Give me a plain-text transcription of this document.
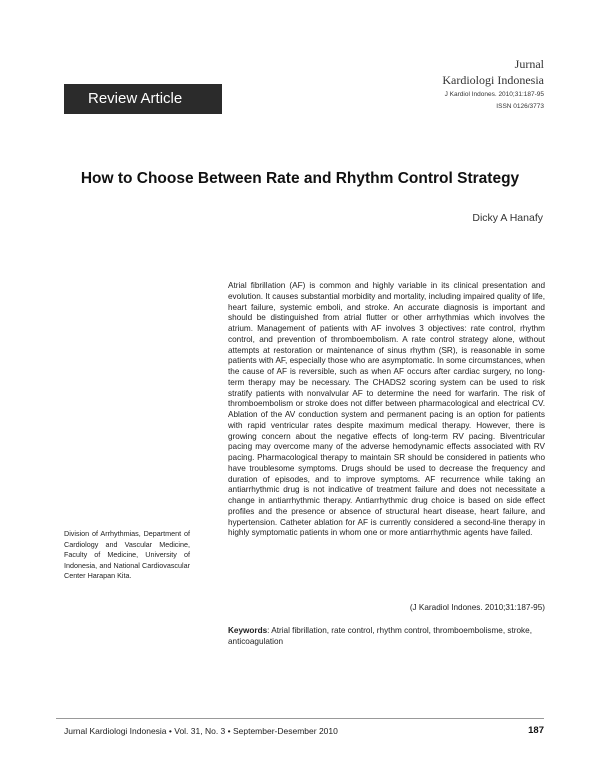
Review Article
Jurnal
Kardiologi Indonesia
J Kardiol Indones. 2010;31:187-95
ISSN 0126/3773
How to Choose Between Rate and Rhythm Control Strategy
Dicky A Hanafy

Atrial fibrillation (AF) is common and highly variable in its clinical presentation and evolution. It causes substantial morbidity and mortality, including impaired quality of life, heart failure, systemic emboli, and stroke. An accurate diagnosis is important and should be distinguished from atrial flutter or other arrhythmias which involves the atrium. Management of patients with AF involves 3 objectives: rate control, rhythm control, and prevention of thromboembolism. A rate control strategy alone, without attempts at restoration or maintenance of sinus rhythm (SR), is reasonable in some patients with AF, especially those who are asymptomatic. In some circumstances, when the cause of AF is reversible, such as when AF occurs after cardiac surgery, no long-term therapy may be necessary. The CHADS2 scoring system can be used to risk stratify patients with nonvalvular AF to determine the need for warfarin. The risk of thromboembolism or stroke does not differ between pharmacological and electrical CV. Ablation of the AV conduction system and permanent pacing is an option for patients with rapid ventricular rates despite maximum medical therapy. However, there is growing concern about the negative effects of long-term RV pacing. Biventricular pacing may overcome many of the adverse hemodynamic effects associated with RV pacing. Pharmacological therapy to maintain SR should be considered in patients who have troublesome symptoms. Drugs should be used to decrease the frequency and duration of episodes, and to improve symptoms. AF recurrence while taking an antiarrhythmic drug is not indicative of treatment failure and does not necessitate a change in antiarrhythmic therapy. Antiarrhythmic drug choice is based on side effect profiles and the presence or absence of structural heart disease, heart failure, and hypertension. Catheter ablation for AF is currently considered a second-line therapy in highly symptomatic patients in whom one or more antiarrhythmic agents have failed.

(J Karadiol Indones. 2010;31:187-95)
Keywords: Atrial fibrillation, rate control, rhythm control, thromboembolisme, stroke, anticoagulation
Division of Arrhythmias, Department of Cardiology and Vascular Medicine, Faculty of Medicine, University of Indonesia, and National Cardiovascular Center Harapan Kita.
Jurnal Kardiologi Indonesia • Vol. 31, No. 3 • September-Desember 2010	187
